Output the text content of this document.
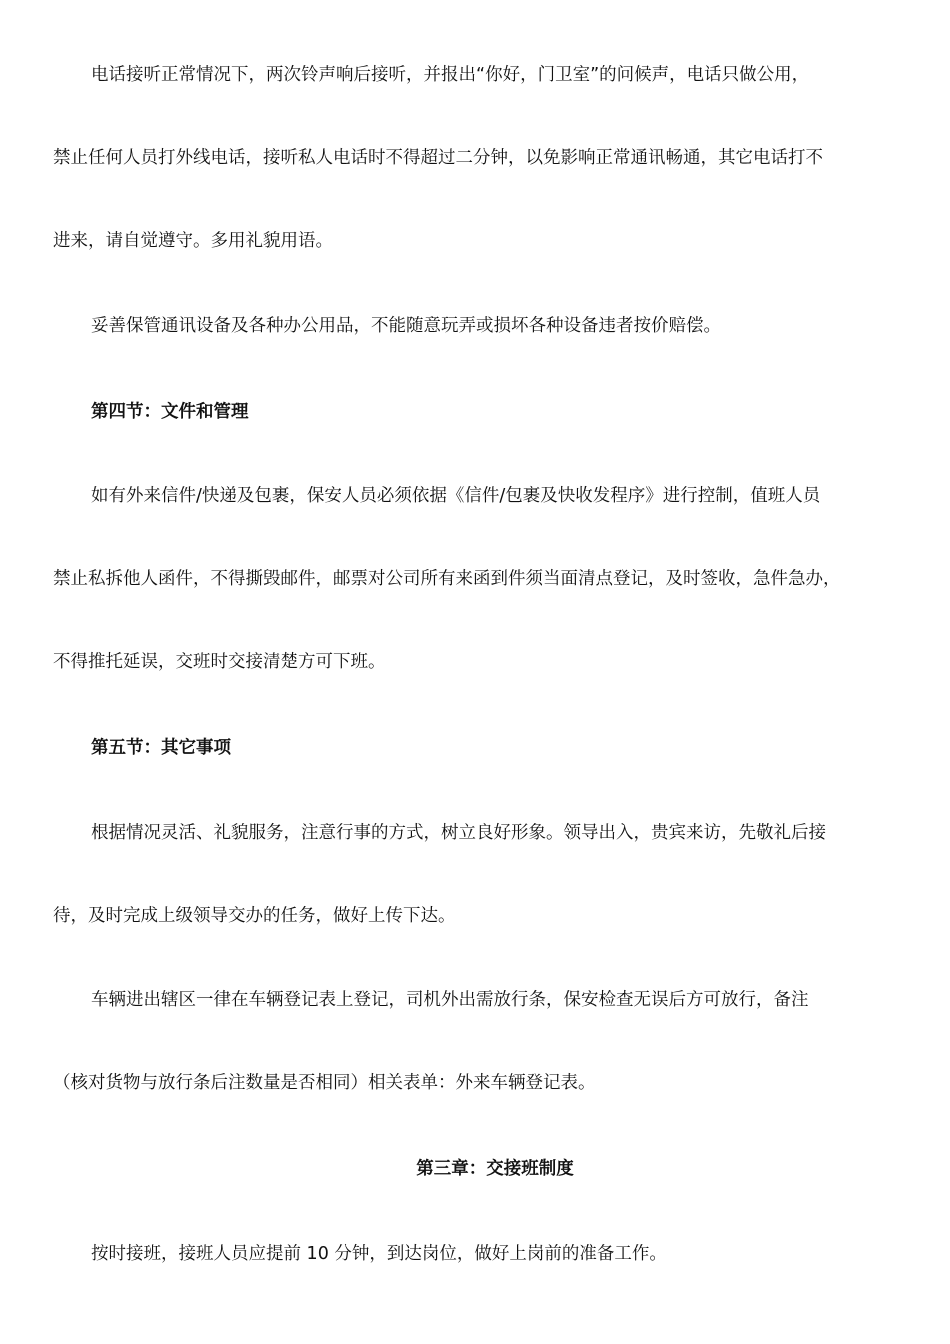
电话接听正常情况下，两次铃声响后接听，并报出“你好，门卫室”的问候声，电话只做公用，
禁止任何人员打外线电话，接听私人电话时不得超过二分钟，以免影响正常通讯畅通，其它电话打不
进来，请自觉遵守。多用礼貌用语。
妥善保管通讯设备及各种办公用品，不能随意玩弄或损坏各种设备违者按价赔偿。
第四节：文件和管理
如有外来信件/快递及包裹，保安人员必须依据《信件/包裹及快收发程序》进行控制，值班人员
禁止私拆他人函件，不得撕毁邮件，邮票对公司所有来函到件须当面清点登记，及时签收，急件急办，
不得推托延误，交班时交接清楚方可下班。
第五节：其它事项
根据情况灵活、礼貌服务，注意行事的方式，树立良好形象。领导出入，贵宾来访，先敬礼后接
待，及时完成上级领导交办的任务，做好上传下达。
车辆进出辖区一律在车辆登记表上登记，司机外出需放行条，保安检查无误后方可放行，备注
（核对货物与放行条后注数量是否相同）相关表单：外来车辆登记表。
第三章：交接班制度
按时接班，接班人员应提前 10 分钟，到达岗位，做好上岗前的准备工作。
